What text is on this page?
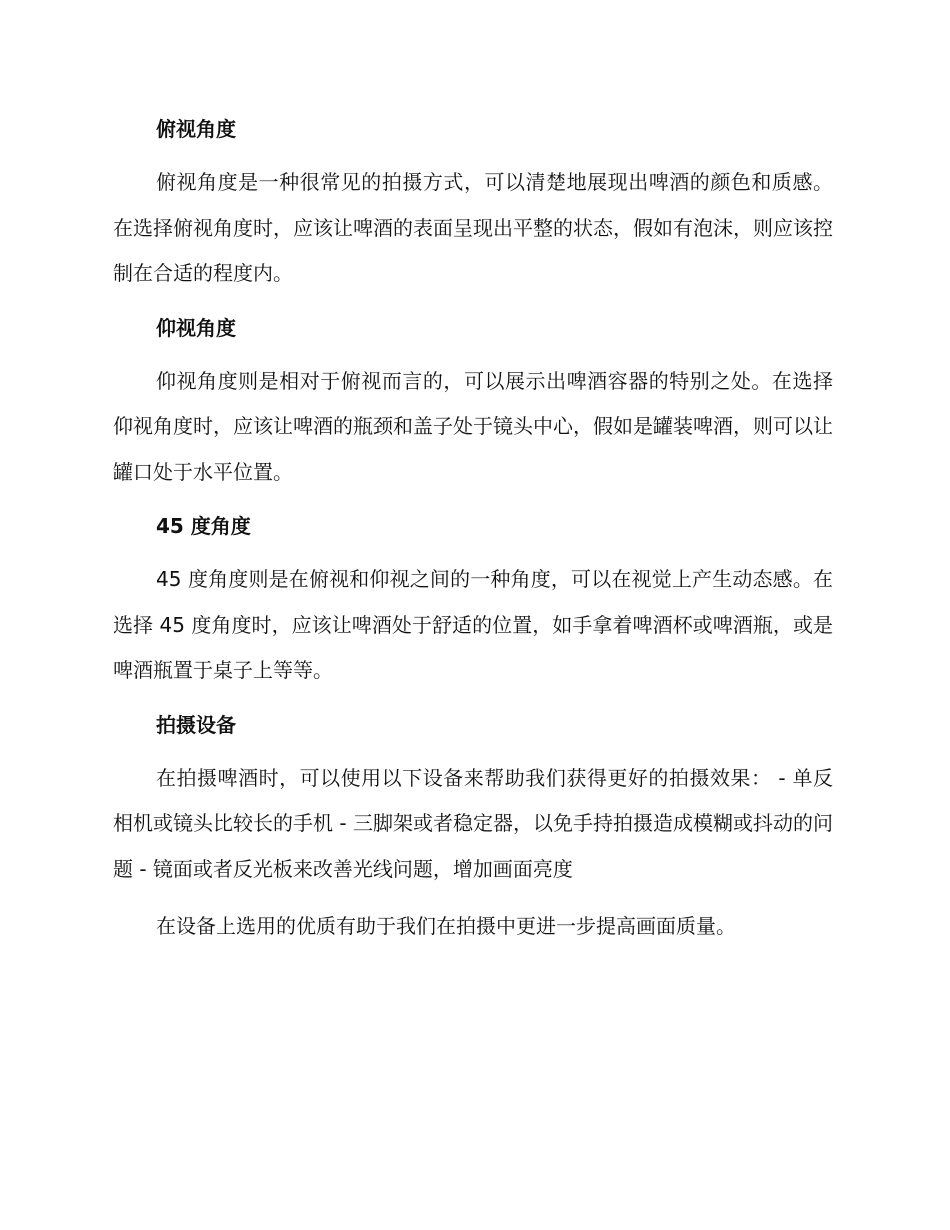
俯视角度

俯视角度是一种很常见的拍摄方式，可以清楚地展现出啤酒的颜色和质感。在选择俯视角度时，应该让啤酒的表面呈现出平整的状态，假如有泡沫，则应该控制在合适的程度内。

仰视角度

仰视角度则是相对于俯视而言的，可以展示出啤酒容器的特别之处。在选择仰视角度时，应该让啤酒的瓶颈和盖子处于镜头中心，假如是罐装啤酒，则可以让罐口处于水平位置。

45 度角度

45 度角度则是在俯视和仰视之间的一种角度，可以在视觉上产生动态感。在选择 45 度角度时，应该让啤酒处于舒适的位置，如手拿着啤酒杯或啤酒瓶，或是啤酒瓶置于桌子上等等。

拍摄设备

在拍摄啤酒时，可以使用以下设备来帮助我们获得更好的拍摄效果： - 单反相机或镜头比较长的手机 - 三脚架或者稳定器，以免手持拍摄造成模糊或抖动的问题 - 镜面或者反光板来改善光线问题，增加画面亮度

在设备上选用的优质有助于我们在拍摄中更进一步提高画面质量。
